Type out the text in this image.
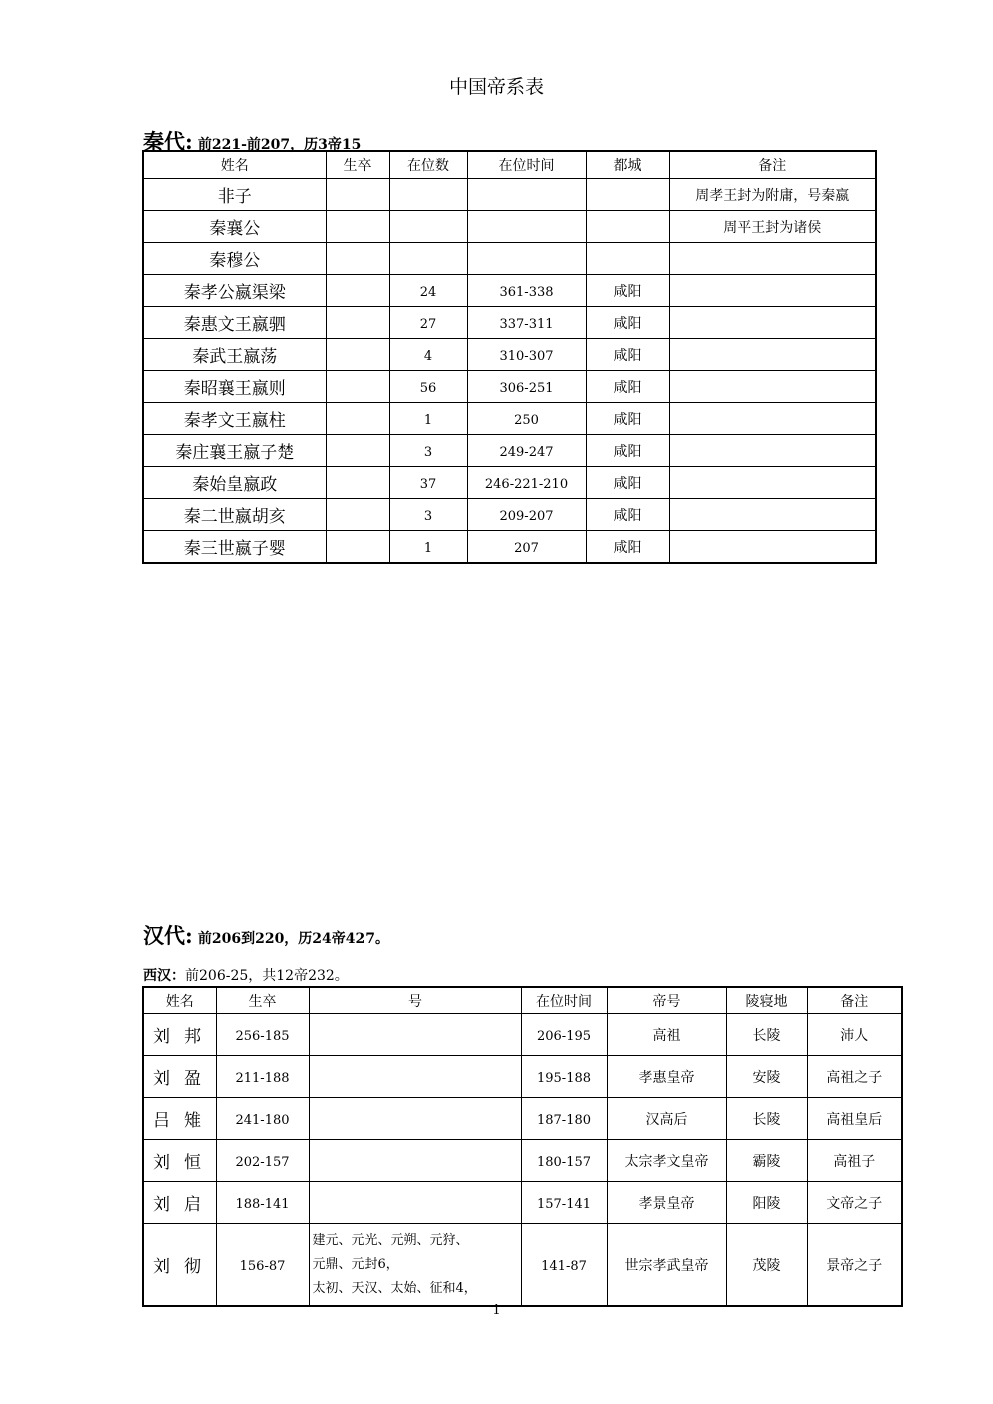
中国帝系表
秦代: 前221-前207，历3帝15
姓名	生卒	在位数	在位时间	都城	备注
非子					周孝王封为附庸，号秦嬴
秦襄公					周平王封为诸侯
秦穆公					
秦孝公嬴渠梁		24	361-338	咸阳	
秦惠文王嬴驷		27	337-311	咸阳	
秦武王嬴荡		4	310-307	咸阳	
秦昭襄王嬴则		56	306-251	咸阳	
秦孝文王嬴柱		1	250	咸阳	
秦庄襄王嬴子楚		3	249-247	咸阳	
秦始皇嬴政		37	246-221-210	咸阳	
秦二世嬴胡亥		3	209-207	咸阳	
秦三世嬴子婴		1	207	咸阳	
汉代: 前206到220，历24帝427。
西汉：前206-25，共12帝232。
姓名	生卒	号	在位时间	帝号	陵寝地	备注
刘邦	256-185		206-195	高祖	长陵	沛人
刘盈	211-188		195-188	孝惠皇帝	安陵	高祖之子
吕雉	241-180		187-180	汉高后	长陵	高祖皇后
刘恒	202-157		180-157	太宗孝文皇帝	霸陵	高祖子
刘启	188-141		157-141	孝景皇帝	阳陵	文帝之子
刘彻	156-87	建元、元光、元朔、元狩、
元鼎、元封6，
太初、天汉、太始、征和4，	141-87	世宗孝武皇帝	茂陵	景帝之子
1
